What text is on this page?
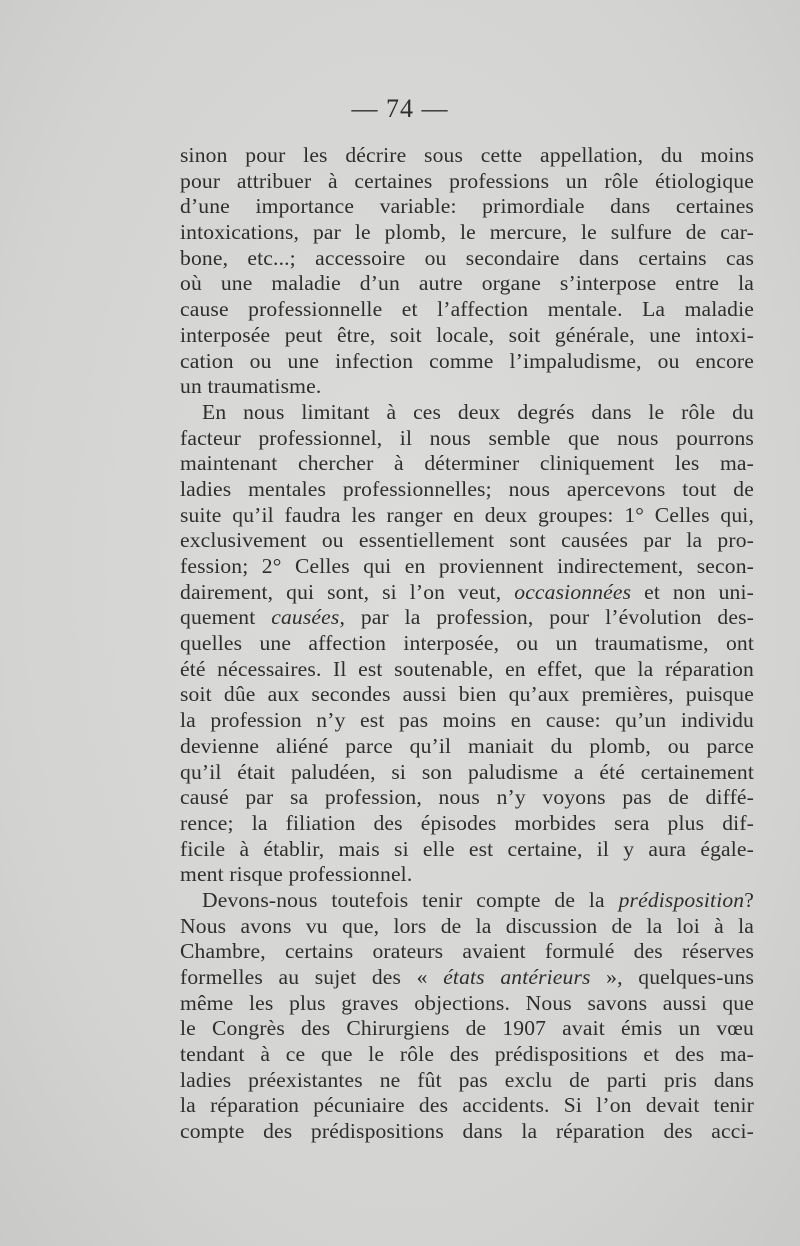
— 74 —
sinon pour les décrire sous cette appellation, du moins
pour attribuer à certaines professions un rôle étiologique
d’une importance variable: primordiale dans certaines
intoxications, par le plomb, le mercure, le sulfure de car-
bone, etc...; accessoire ou secondaire dans certains cas
où une maladie d’un autre organe s’interpose entre la
cause professionnelle et l’affection mentale. La maladie
interposée peut être, soit locale, soit générale, une intoxi-
cation ou une infection comme l’impaludisme, ou encore
un traumatisme.
En nous limitant à ces deux degrés dans le rôle du
facteur professionnel, il nous semble que nous pourrons
maintenant chercher à déterminer cliniquement les ma-
ladies mentales professionnelles; nous apercevons tout de
suite qu’il faudra les ranger en deux groupes: 1° Celles qui,
exclusivement ou essentiellement sont causées par la pro-
fession; 2° Celles qui en proviennent indirectement, secon-
dairement, qui sont, si l’on veut, occasionnées et non uni-
quement causées, par la profession, pour l’évolution des-
quelles une affection interposée, ou un traumatisme, ont
été nécessaires. Il est soutenable, en effet, que la réparation
soit dûe aux secondes aussi bien qu’aux premières, puisque
la profession n’y est pas moins en cause: qu’un individu
devienne aliéné parce qu’il maniait du plomb, ou parce
qu’il était paludéen, si son paludisme a été certainement
causé par sa profession, nous n’y voyons pas de diffé-
rence; la filiation des épisodes morbides sera plus dif-
ficile à établir, mais si elle est certaine, il y aura égale-
ment risque professionnel.
Devons-nous toutefois tenir compte de la prédisposition?
Nous avons vu que, lors de la discussion de la loi à la
Chambre, certains orateurs avaient formulé des réserves
formelles au sujet des « états antérieurs », quelques-uns
même les plus graves objections. Nous savons aussi que
le Congrès des Chirurgiens de 1907 avait émis un vœu
tendant à ce que le rôle des prédispositions et des ma-
ladies préexistantes ne fût pas exclu de parti pris dans
la réparation pécuniaire des accidents. Si l’on devait tenir
compte des prédispositions dans la réparation des acci-
